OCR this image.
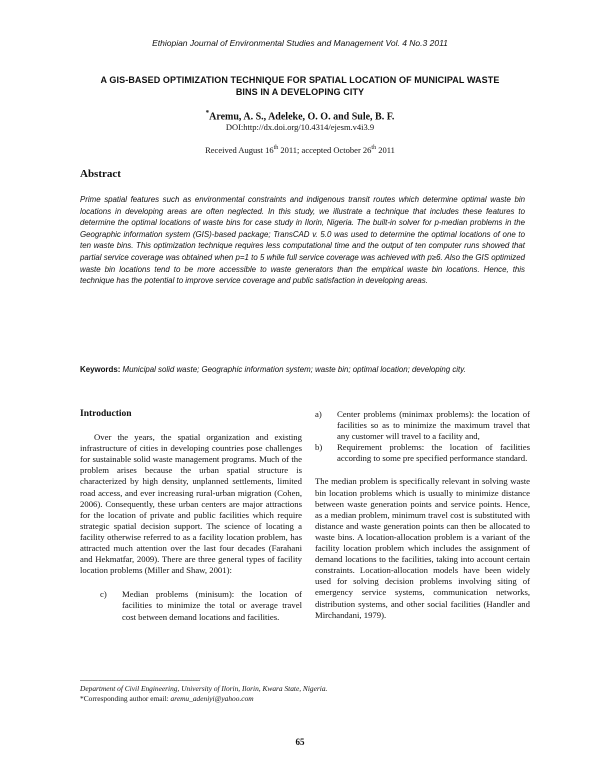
Ethiopian Journal of Environmental Studies and Management Vol. 4 No.3 2011
A GIS-BASED OPTIMIZATION TECHNIQUE FOR SPATIAL LOCATION OF MUNICIPAL WASTE BINS IN A DEVELOPING CITY
*Aremu, A. S., Adeleke, O. O. and Sule, B. F.
DOI:http://dx.doi.org/10.4314/ejesm.v4i3.9
Received August 16th 2011; accepted October 26th 2011
Abstract
Prime spatial features such as environmental constraints and indigenous transit routes which determine optimal waste bin locations in developing areas are often neglected. In this study, we illustrate a technique that includes these features to determine the optimal locations of waste bins for case study in Ilorin, Nigeria. The built-in solver for p-median problems in the Geographic information system (GIS)-based package; TransCAD v. 5.0 was used to determine the optimal locations of one to ten waste bins. This optimization technique requires less computational time and the output of ten computer runs showed that partial service coverage was obtained when p=1 to 5 while full service coverage was achieved with p≥6. Also the GIS optimized waste bin locations tend to be more accessible to waste generators than the empirical waste bin locations. Hence, this technique has the potential to improve service coverage and public satisfaction in developing areas.
Keywords: Municipal solid waste; Geographic information system; waste bin; optimal location; developing city.
Introduction

Over the years, the spatial organization and existing infrastructure of cities in developing countries pose challenges for sustainable solid waste management programs. Much of the problem arises because the urban spatial structure is characterized by high density, unplanned settlements, limited road access, and ever increasing rural-urban migration (Cohen, 2006). Consequently, these urban centers are major attractions for the location of private and public facilities which require strategic spatial decision support. The science of locating a facility otherwise referred to as a facility location problem, has attracted much attention over the last four decades (Farahani and Hekmatfar, 2009). There are three general types of facility location problems (Miller and Shaw, 2001):

c)	Median problems (minisum): the location of facilities to minimize the total or average travel cost between demand locations and facilities.
a)	Center problems (minimax problems): the location of facilities so as to minimize the maximum travel that any customer will travel to a facility and,
b)	Requirement problems: the location of facilities according to some pre specified performance standard.

The median problem is specifically relevant in solving waste bin location problems which is usually to minimize distance between waste generation points and service points. Hence, as a median problem, minimum travel cost is substituted with distance and waste generation points can then be allocated to waste bins. A location-allocation problem is a variant of the facility location problem which includes the assignment of demand locations to the facilities, taking into account certain constraints. Location-allocation models have been widely used for solving decision problems involving siting of emergency service systems, communication networks, distribution systems, and other social facilities (Handler and Mirchandani, 1979).

Department of Civil Engineering, University of Ilorin, Ilorin, Kwara State, Nigeria.
*Corresponding author email: aremu_adeniyi@yahoo.com
65
